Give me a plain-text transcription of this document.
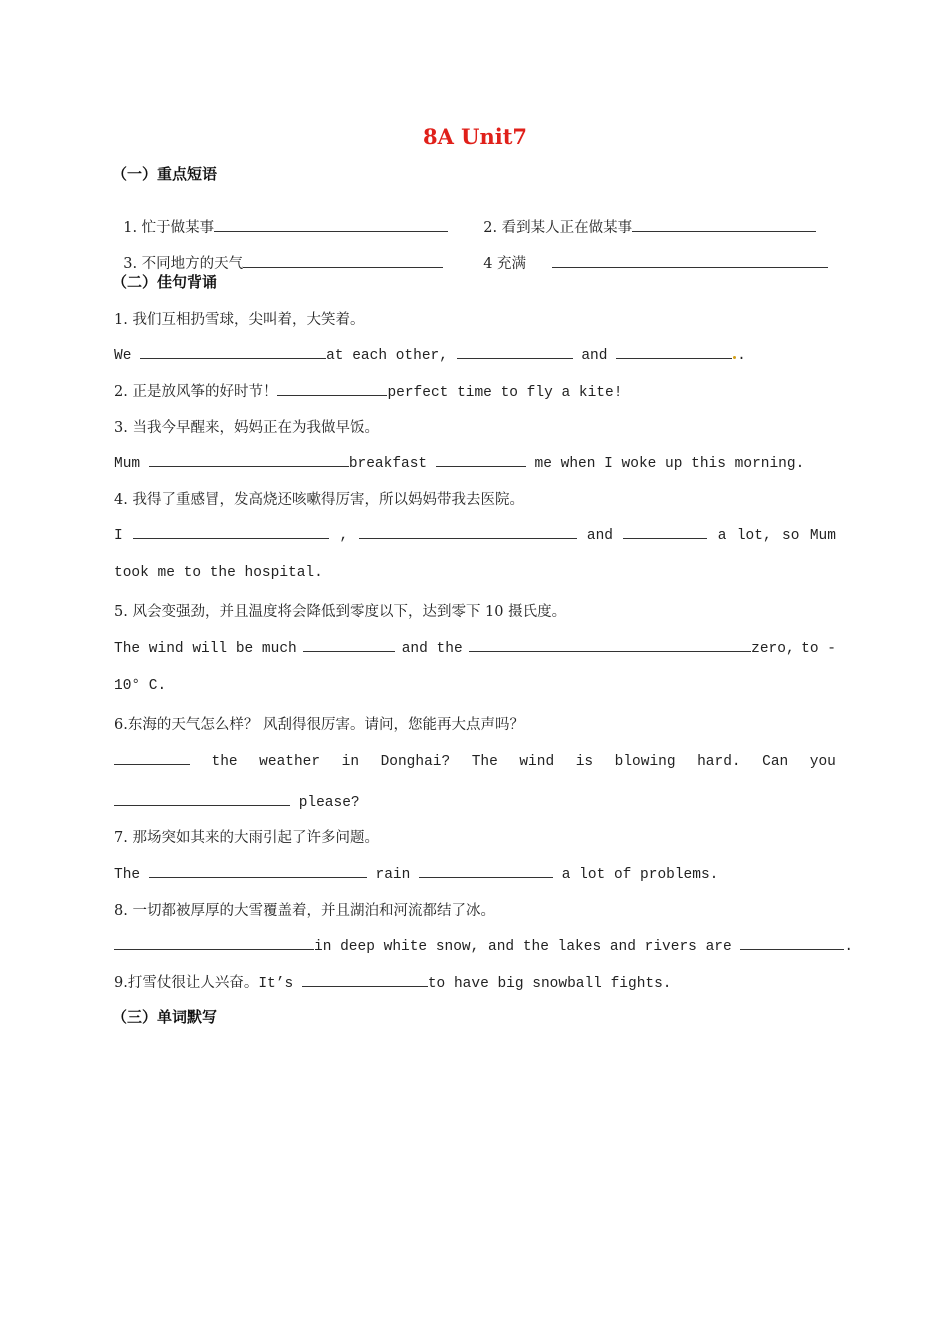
8A Unit7
（一）重点短语

1. 忙于做某事	2. 看到某人正在做某事

3. 不同地方的天气	4 充满

（二）佳句背诵
1. 我们互相扔雪球，尖叫着，大笑着。
We	at each other,	and	.
2. 正是放风筝的好时节！	perfect time to fly a kite!
3. 当我今早醒来，妈妈正在为我做早饭。
Mum	breakfast	me when I woke up this morning.
4. 我得了重感冒，发高烧还咳嗽得厉害，所以妈妈带我去医院。
I	,	and	a lot, so Mum
took me to the hospital.
5. 风会变强劲，并且温度将会降低到零度以下，达到零下 10 摄氏度。
The wind will be much	and the	zero, to -
10° C.
6.东海的天气怎么样？ 风刮得很厉害。请问，您能再大点声吗？
the weather in Donghai? The wind is blowing hard. Can you
please?
7. 那场突如其来的大雨引起了许多问题。
The	rain	a lot of problems.
8. 一切都被厚厚的大雪覆盖着，并且湖泊和河流都结了冰。
in deep white snow, and the lakes and rivers are	.
9.打雪仗很让人兴奋。It’s	to have big snowball fights.
（三）单词默写
